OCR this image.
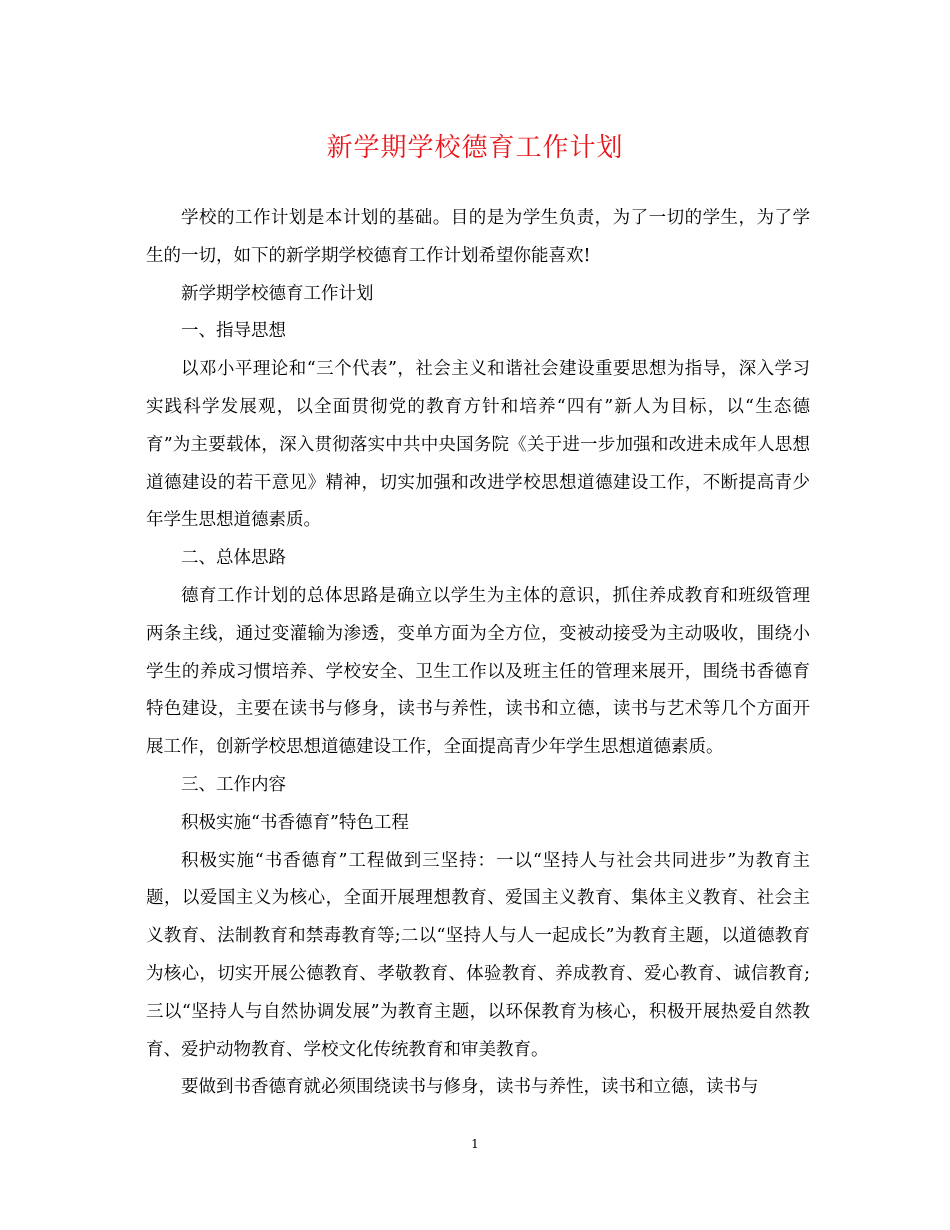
新学期学校德育工作计划

学校的工作计划是本计划的基础。目的是为学生负责，为了一切的学生，为了学生的一切，如下的新学期学校德育工作计划希望你能喜欢!

新学期学校德育工作计划

一、指导思想

以邓小平理论和“三个代表”，社会主义和谐社会建设重要思想为指导，深入学习实践科学发展观，以全面贯彻党的教育方针和培养“四有”新人为目标，以“生态德育”为主要载体，深入贯彻落实中共中央国务院《关于进一步加强和改进未成年人思想道德建设的若干意见》精神，切实加强和改进学校思想道德建设工作，不断提高青少年学生思想道德素质。

二、总体思路

德育工作计划的总体思路是确立以学生为主体的意识，抓住养成教育和班级管理两条主线，通过变灌输为渗透，变单方面为全方位，变被动接受为主动吸收，围绕小学生的养成习惯培养、学校安全、卫生工作以及班主任的管理来展开，围绕书香德育特色建设，主要在读书与修身，读书与养性，读书和立德，读书与艺术等几个方面开展工作，创新学校思想道德建设工作，全面提高青少年学生思想道德素质。

三、工作内容

积极实施“书香德育”特色工程

积极实施“书香德育”工程做到三坚持：一以“坚持人与社会共同进步”为教育主题，以爱国主义为核心，全面开展理想教育、爱国主义教育、集体主义教育、社会主义教育、法制教育和禁毒教育等;二以“坚持人与人一起成长”为教育主题，以道德教育为核心，切实开展公德教育、孝敬教育、体验教育、养成教育、爱心教育、诚信教育;三以“坚持人与自然协调发展”为教育主题，以环保教育为核心，积极开展热爱自然教育、爱护动物教育、学校文化传统教育和审美教育。

要做到书香德育就必须围绕读书与修身，读书与养性，读书和立德，读书与

1
